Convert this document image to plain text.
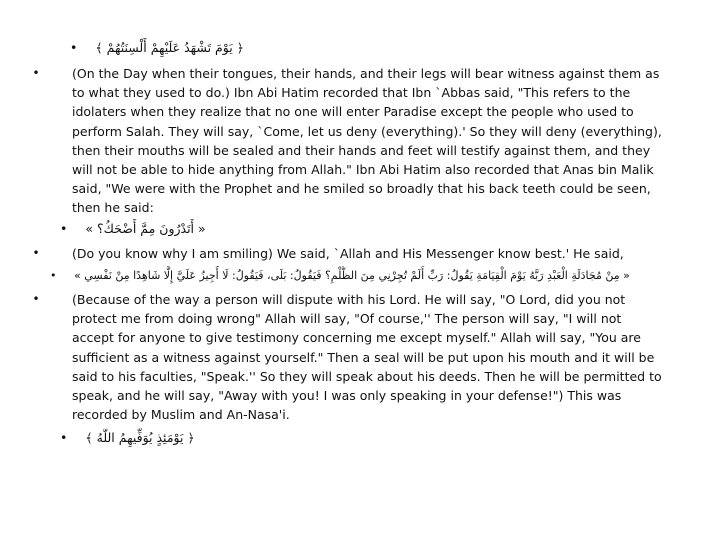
﴿ يَوْمَ تَشْهَدُ عَلَيْهِمْ أَلْسِنَتُهُمْ ﴾ •
•	(On the Day when their tongues, their hands, and their legs will bear witness against them as
to what they used to do.) Ibn Abi Hatim recorded that Ibn `Abbas said, "This refers to the
idolaters when they realize that no one will enter Paradise except the people who used to
perform Salah. They will say, `Come, let us deny (everything).' So they will deny (everything),
then their mouths will be sealed and their hands and feet will testify against them, and they
will not be able to hide anything from Allah." Ibn Abi Hatim also recorded that Anas bin Malik
said, "We were with the Prophet and he smiled so broadly that his back teeth could be seen,
then he said:
« أَتَدْرُونَ مِمَّ أَضْحَكُ؟ » •
•	(Do you know why I am smiling) We said, `Allah and His Messenger know best.' He said,
« مِنْ مُجَادَلَةِ الْعَبْدِ رَبَّهُ يَوْمَ الْقِيَامَةِ يَقُولُ: رَبِّ أَلَمْ تُجِرْنِي مِنَ الظُّلْمِ؟ فَيَقُولُ: بَلَى، فَيَقُولُ: لَا أُجِيزُ عَلَيَّ إِلَّا شَاهِدًا مِنْ نَفْسِي » •
•	(Because of the way a person will dispute with his Lord. He will say, "O Lord, did you not
protect me from doing wrong" Allah will say, "Of course,'' The person will say, "I will not
accept for anyone to give testimony concerning me except myself." Allah will say, "You are
sufficient as a witness against yourself." Then a seal will be put upon his mouth and it will be
said to his faculties, "Speak.'' So they will speak about his deeds. Then he will be permitted to
speak, and he will say, "Away with you! I was only speaking in your defense!") This was
recorded by Muslim and An-Nasa'i.
﴿ يَوْمَئِذٍ يُوَفِّيهِمُ اللَّهُ ﴾ •
